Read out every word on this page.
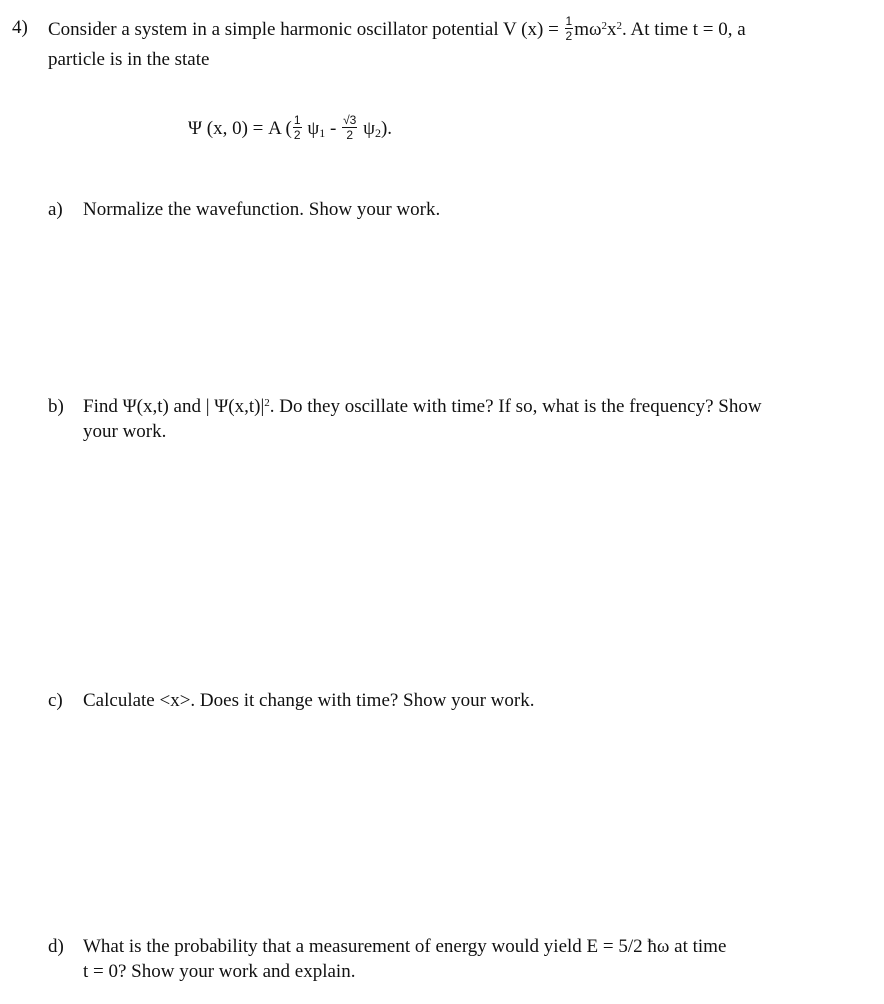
4) Consider a system in a simple harmonic oscillator potential V $(x) = \frac{1}{2} m\omega^2x^2$. At time t = 0, a
particle is in the state
Ψ (x, 0) = A ( $\frac{1}{2} \psi_1 - \frac{√3}{2} \psi_2$).
a) Normalize the wavefunction. Show your work.
b) Find Ψ(x,t) and | $\Psi(x,t)|^2$. Do they oscillate with time? If so, what is the frequency? Show
your work.
c) Calculate <x>. Does it change with time? Show your work.
d) What is the probability that a measurement of energy would yield E = 5/2 ħω at time
t = 0? Show your work and explain.
